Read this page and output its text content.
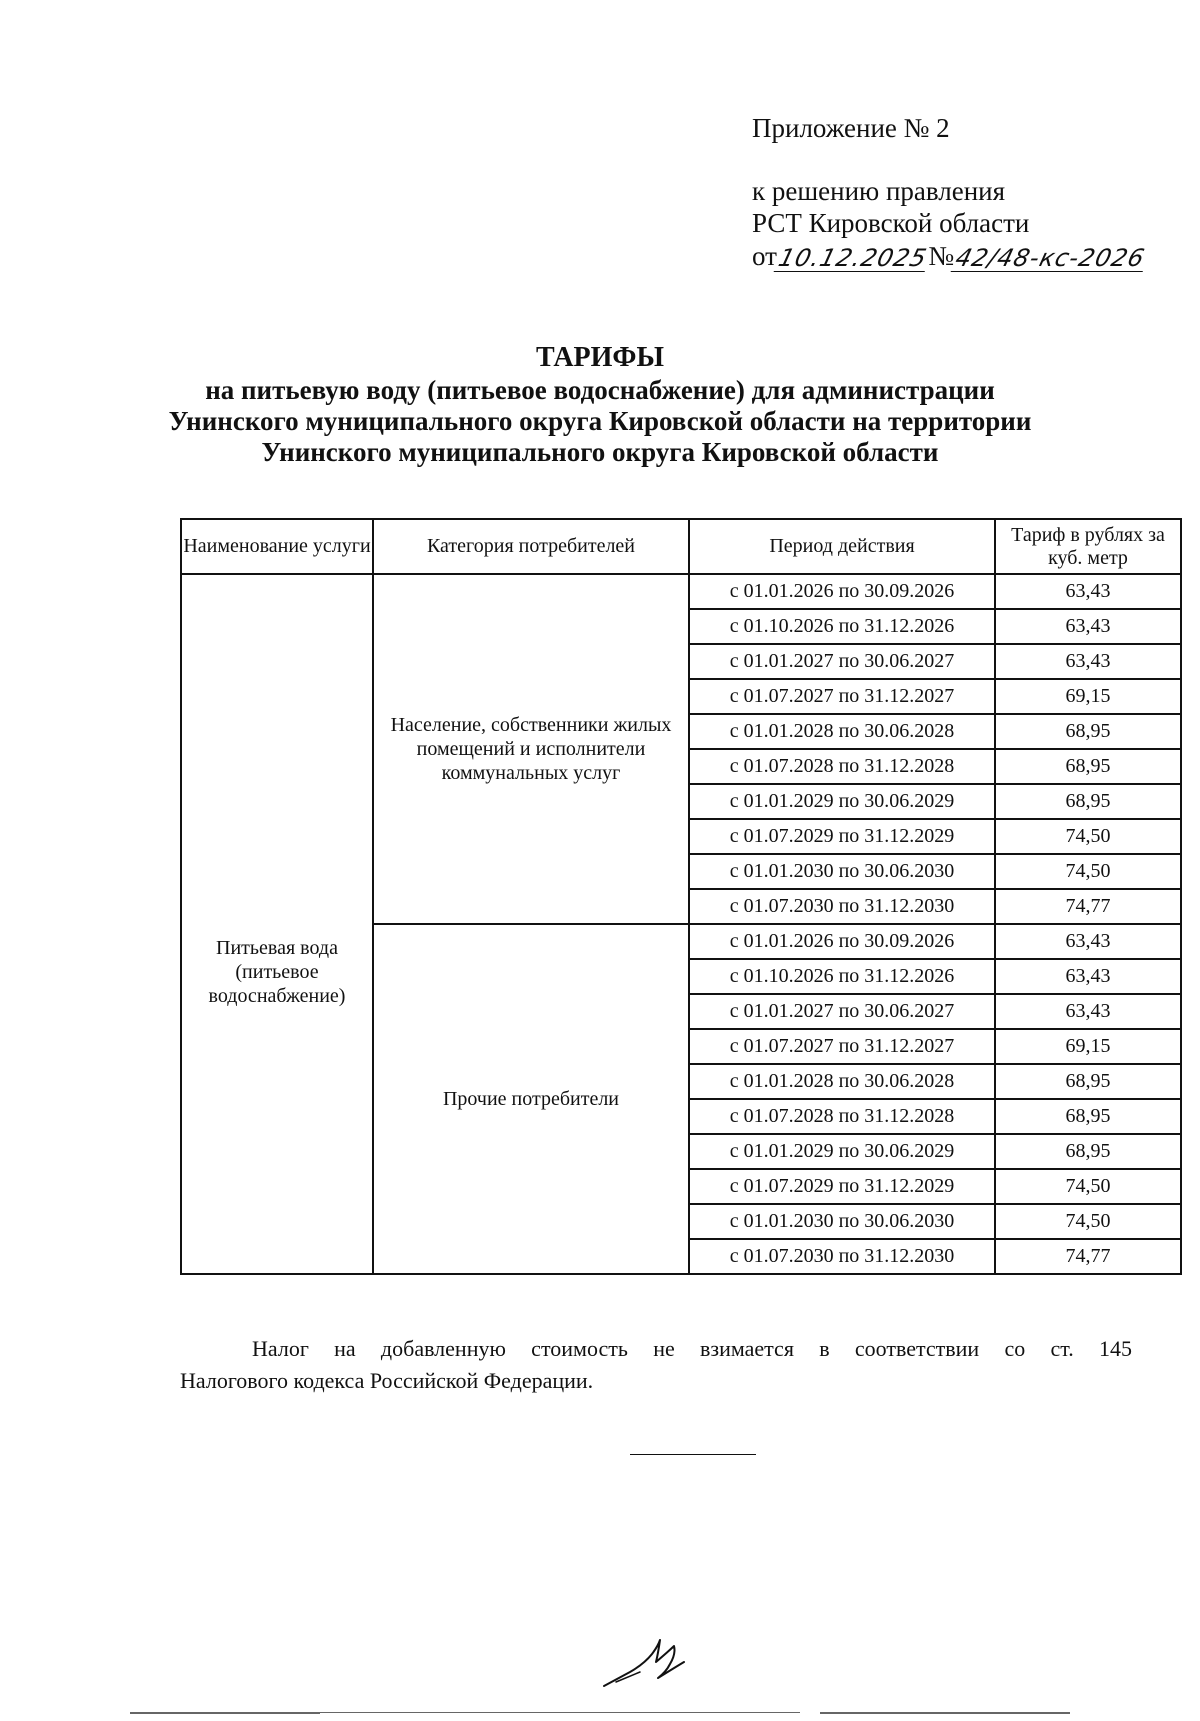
Приложение № 2
к решению правления
РСТ Кировской области
от
10.12.2025
№
42/48-кс-2026
ТАРИФЫ
на питьевую воду (питьевое водоснабжение) для администрации
Унинского муниципального округа Кировской области на территории
Унинского муниципального округа Кировской области
Наименование услуги	Категория потребителей	Период действия	Тариф в рублях за куб. метр
Питьевая вода (питьевое водоснабжение)	Население, собственники жилых помещений и исполнители коммунальных услуг	с 01.01.2026 по 30.09.2026	63,43
		с 01.10.2026 по 31.12.2026	63,43
		с 01.01.2027 по 30.06.2027	63,43
		с 01.07.2027 по 31.12.2027	69,15
		с 01.01.2028 по 30.06.2028	68,95
		с 01.07.2028 по 31.12.2028	68,95
		с 01.01.2029 по 30.06.2029	68,95
		с 01.07.2029 по 31.12.2029	74,50
		с 01.01.2030 по 30.06.2030	74,50
		с 01.07.2030 по 31.12.2030	74,77
	Прочие потребители	с 01.01.2026 по 30.09.2026	63,43
		с 01.10.2026 по 31.12.2026	63,43
		с 01.01.2027 по 30.06.2027	63,43
		с 01.07.2027 по 31.12.2027	69,15
		с 01.01.2028 по 30.06.2028	68,95
		с 01.07.2028 по 31.12.2028	68,95
		с 01.01.2029 по 30.06.2029	68,95
		с 01.07.2029 по 31.12.2029	74,50
		с 01.01.2030 по 30.06.2030	74,50
		с 01.07.2030 по 31.12.2030	74,77
Налог на добавленную стоимость не взимается в соответствии со ст. 145
Налогового кодекса Российской Федерации.
